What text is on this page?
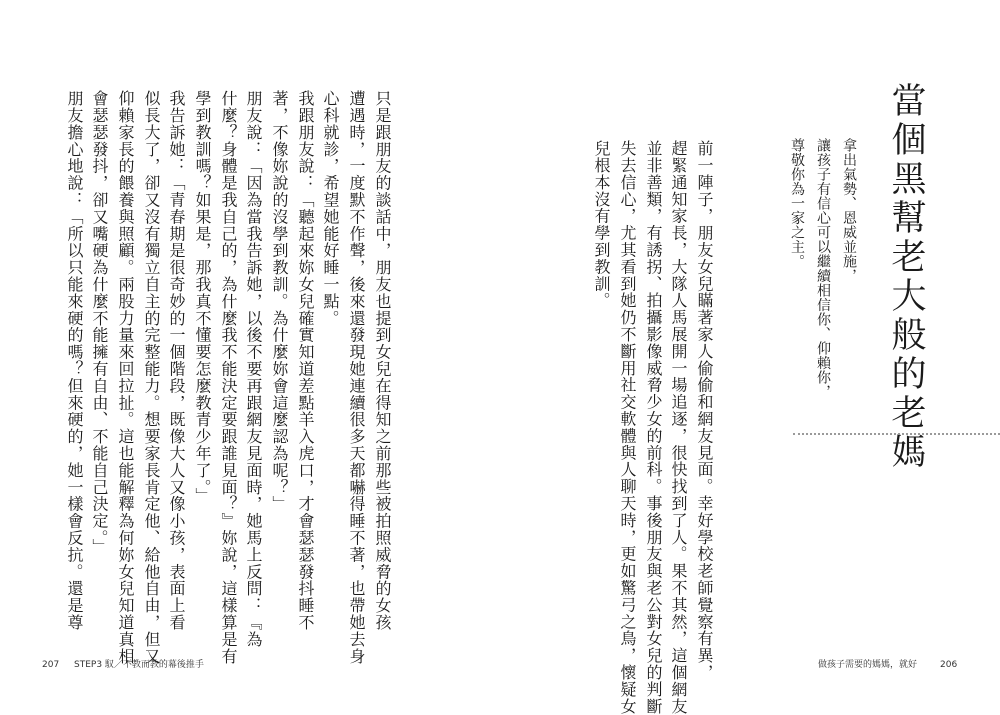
朋友擔心地說：「所以只能來硬的嗎？但來硬的，她一樣會反抗。還是尊 會瑟瑟發抖，卻又嘴硬為什麼不能擁有自由、不能自己決定。」 仰賴家長的餵養與照顧。兩股力量來回拉扯。這也能解釋為何妳女兒知道真相 似長大了，卻又沒有獨立自主的完整能力。想要家長肯定他、給他自由，但又 我告訴她：「青春期是很奇妙的一個階段，既像大人又像小孩，表面上看 學到教訓嗎？如果是，那我真不懂要怎麼教青少年了。」 什麼？身體是我自己的，為什麼我不能決定要跟誰見面？』妳說，這樣算是有 朋友說：「因為當我告訴她，以後不要再跟網友見面時，她馬上反問：『為 著，不像妳說的沒學到教訓。為什麼妳會這麼認為呢？」 我跟朋友說：「聽起來妳女兒確實知道差點羊入虎口，才會瑟瑟發抖睡不 心科就診，希望她能好睡一點。 遭遇時，一度默不作聲，後來還發現她連續很多天都嚇得睡不著，也帶她去身 只是跟朋友的談話中，朋友也提到女兒在得知之前那些被拍照威脅的女孩
207 STEP3 馭／不教而教的幕後推手
兒根本沒有學到教訓。 失去信心，尤其看到她仍不斷用社交軟體與人聊天時，更如驚弓之鳥，懷疑女 並非善類，有誘拐、拍攝影像威脅少女的前科。事後朋友與老公對女兒的判斷 趕緊通知家長，大隊人馬展開一場追逐，很快找到了人。果不其然，這個網友 前一陣子，朋友女兒瞞著家人偷偷和網友見面。幸好學校老師覺察有異，	尊敬你為一家之主。 讓孩子有信心可以繼續相信你、仰賴你， 拿出氣勢、恩威並施， 當個黑幫老大般的老媽
做孩子需要的媽媽，就好	206
